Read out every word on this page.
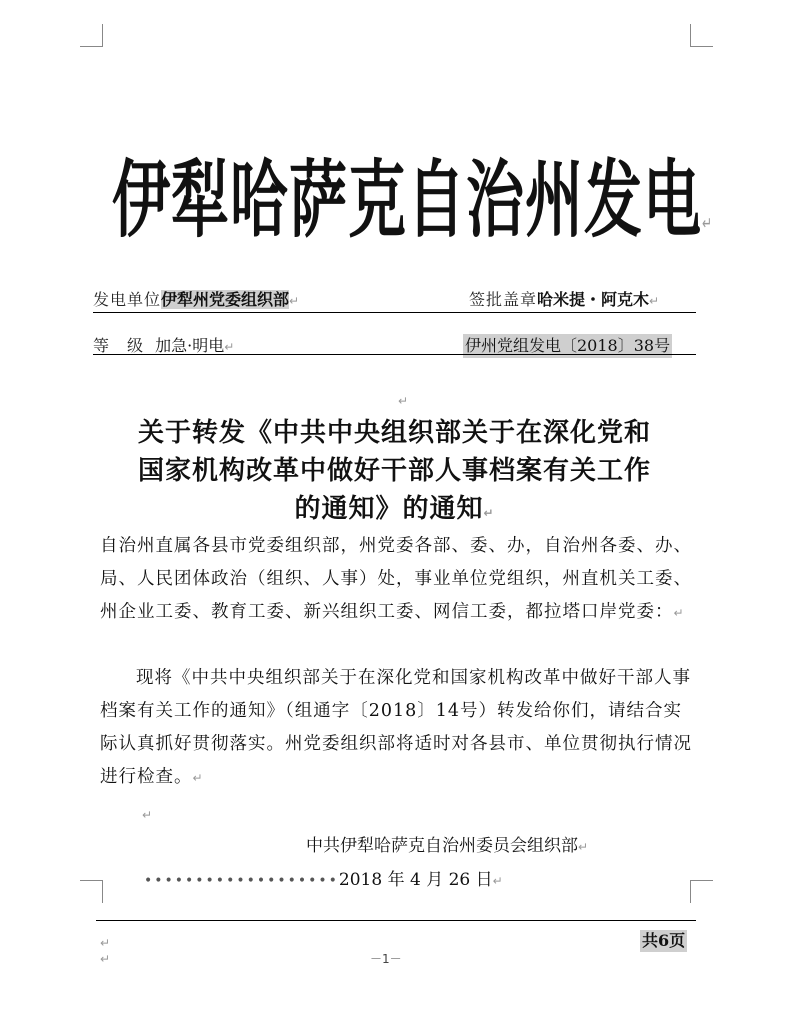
伊犁哈萨克自治州发电↵
发电单位伊犁州党委组织部↵	签批盖章哈米提・阿克木↵
等　级 加急·明电↵	伊州党组发电〔2018〕38号
↵
关于转发《中共中央组织部关于在深化党和
国家机构改革中做好干部人事档案有关工作
的通知》的通知↵
自治州直属各县市党委组织部，州党委各部、委、办，自治州各委、办、局、人民团体政治（组织、人事）处，事业单位党组织，州直机关工委、州企业工委、教育工委、新兴组织工委、网信工委，都拉塔口岸党委：↵
现将《中共中央组织部关于在深化党和国家机构改革中做好干部人事档案有关工作的通知》（组通字〔2018〕14号）转发给你们，请结合实际认真抓好贯彻落实。州党委组织部将适时对各县市、单位贯彻执行情况进行检查。↵
↵
中共伊犁哈萨克自治州委员会组织部↵
•••••••••••••••••••2018 年 4 月 26 日↵
↵
↵
共6页
－1－
